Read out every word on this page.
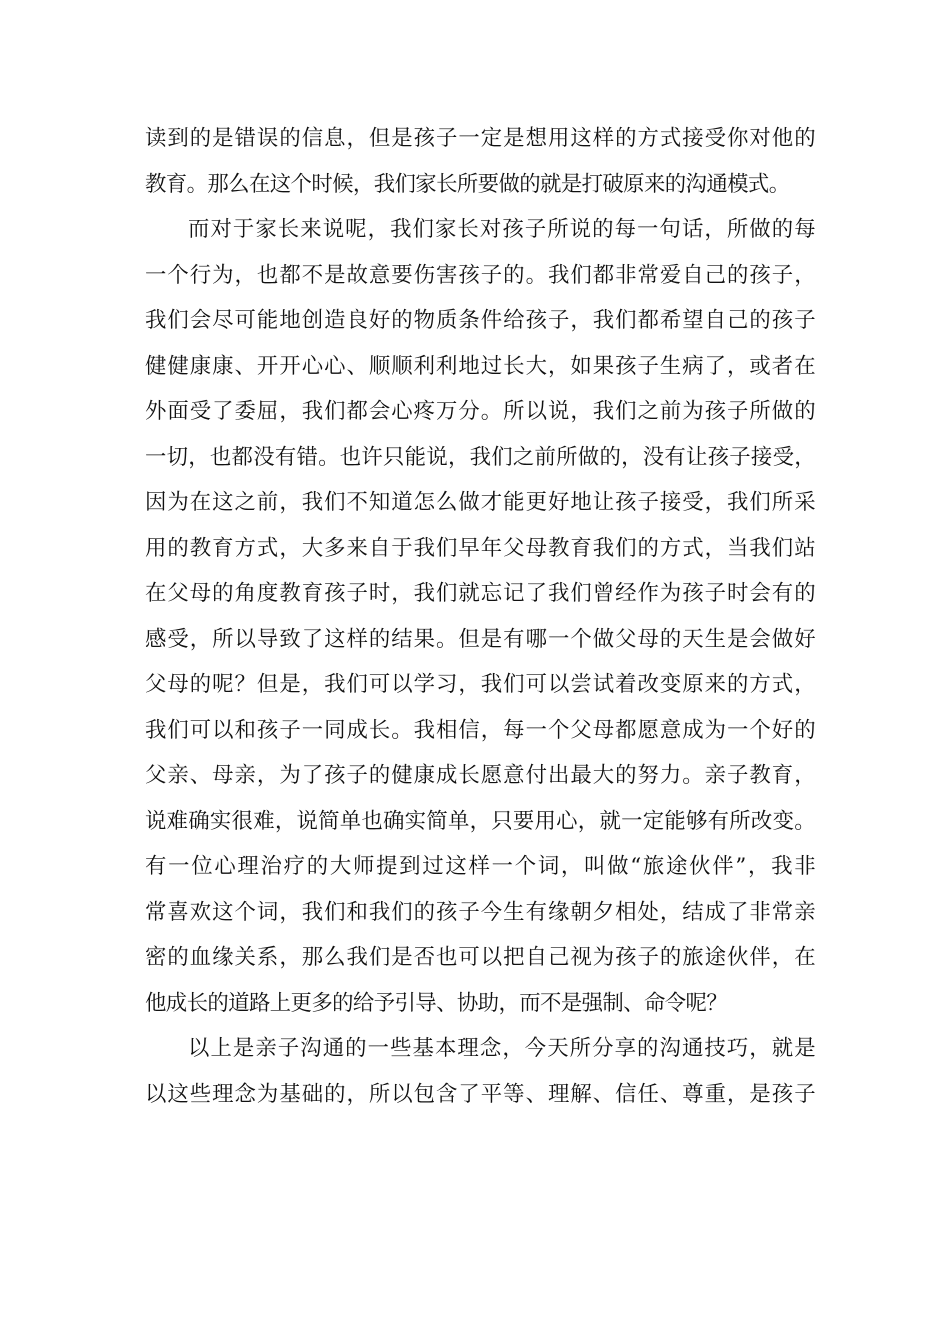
读到的是错误的信息，但是孩子一定是想用这样的方式接受你对他的
教育。那么在这个时候，我们家长所要做的就是打破原来的沟通模式。
而对于家长来说呢，我们家长对孩子所说的每一句话，所做的每
一个行为，也都不是故意要伤害孩子的。我们都非常爱自己的孩子，
我们会尽可能地创造良好的物质条件给孩子，我们都希望自己的孩子
健健康康、开开心心、顺顺利利地过长大，如果孩子生病了，或者在
外面受了委屈，我们都会心疼万分。所以说，我们之前为孩子所做的
一切，也都没有错。也许只能说，我们之前所做的，没有让孩子接受，
因为在这之前，我们不知道怎么做才能更好地让孩子接受，我们所采
用的教育方式，大多来自于我们早年父母教育我们的方式，当我们站
在父母的角度教育孩子时，我们就忘记了我们曾经作为孩子时会有的
感受，所以导致了这样的结果。但是有哪一个做父母的天生是会做好
父母的呢？但是，我们可以学习，我们可以尝试着改变原来的方式，
我们可以和孩子一同成长。我相信，每一个父母都愿意成为一个好的
父亲、母亲，为了孩子的健康成长愿意付出最大的努力。亲子教育，
说难确实很难，说简单也确实简单，只要用心，就一定能够有所改变。
有一位心理治疗的大师提到过这样一个词，叫做“旅途伙伴”，我非
常喜欢这个词，我们和我们的孩子今生有缘朝夕相处，结成了非常亲
密的血缘关系，那么我们是否也可以把自己视为孩子的旅途伙伴，在
他成长的道路上更多的给予引导、协助，而不是强制、命令呢？
以上是亲子沟通的一些基本理念，今天所分享的沟通技巧，就是
以这些理念为基础的，所以包含了平等、理解、信任、尊重，是孩子
